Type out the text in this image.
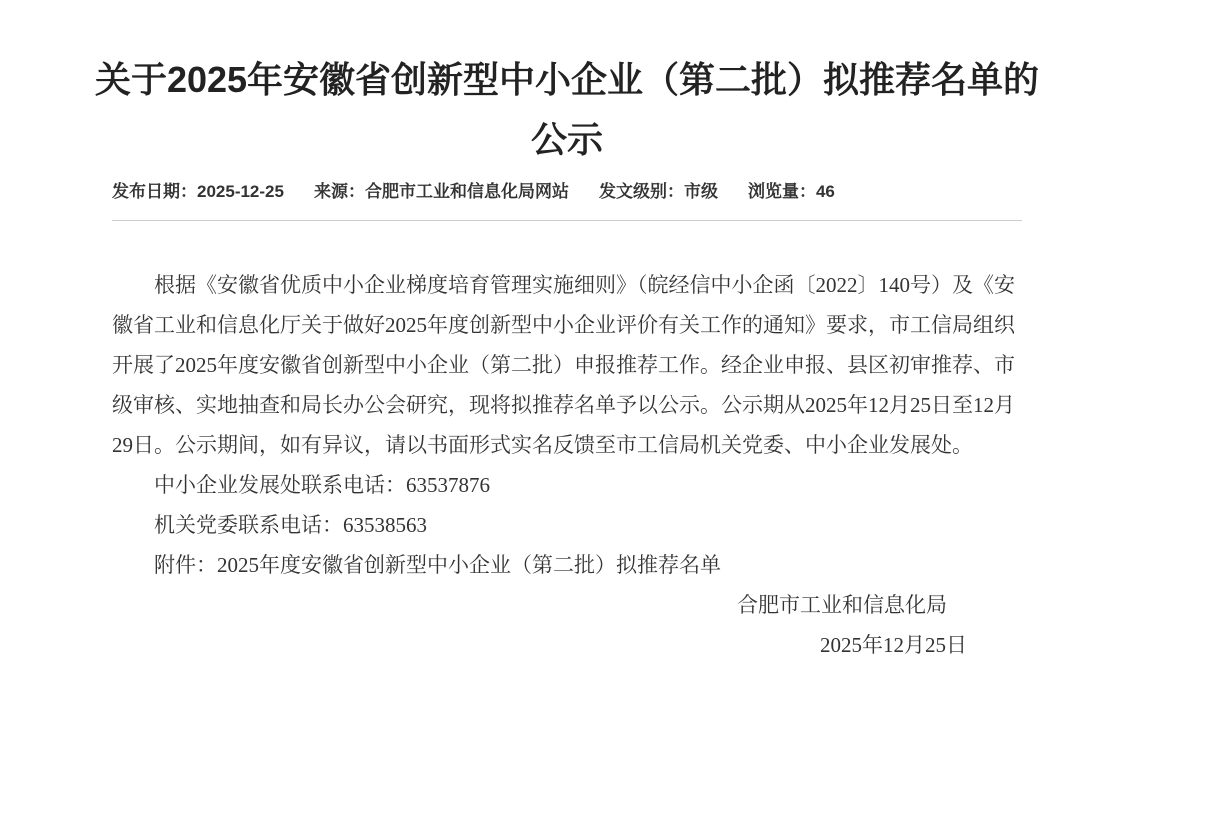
关于2025年安徽省创新型中小企业（第二批）拟推荐名单的公示
发布日期： 2025-12-25 来源： 合肥市工业和信息化局网站 发文级别： 市级 浏览量： 46

根据《安徽省优质中小企业梯度培育管理实施细则》（皖经信中小企函〔2022〕140号）及《安徽省工业和信息化厅关于做好2025年度创新型中小企业评价有关工作的通知》要求，市工信局组织开展了2025年度安徽省创新型中小企业（第二批）申报推荐工作。经企业申报、县区初审推荐、市级审核、实地抽查和局长办公会研究，现将拟推荐名单予以公示。公示期从2025年12月25日至12月29日。公示期间，如有异议，请以书面形式实名反馈至市工信局机关党委、中小企业发展处。

中小企业发展处联系电话：63537876

机关党委联系电话：63538563

附件：2025年度安徽省创新型中小企业（第二批）拟推荐名单

合肥市工业和信息化局

2025年12月25日
